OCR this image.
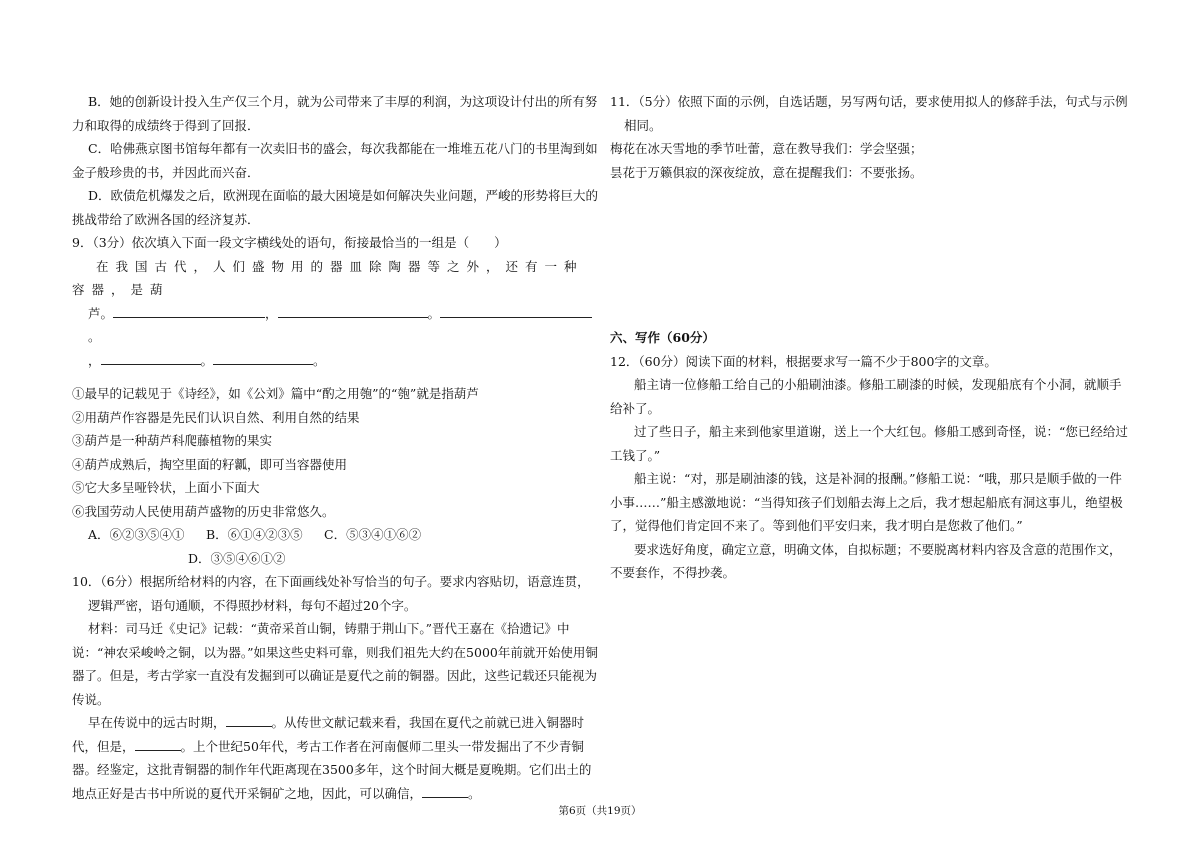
B．她的创新设计投入生产仅三个月，就为公司带来了丰厚的利润，为这项设计付出的所有努力和取得的成绩终于得到了回报．

C．哈佛燕京图书馆每年都有一次卖旧书的盛会，每次我都能在一堆堆五花八门的书里淘到如金子般珍贵的书，并因此而兴奋．

D．欧债危机爆发之后，欧洲现在面临的最大困境是如何解决失业问题，严峻的形势将巨大的挑战带给了欧洲各国的经济复苏．

9．（3分）依次填入下面一段文字横线处的语句，衔接最恰当的一组是（　　）

在我国古代，人们盛物用的器皿除陶器等之外，还有一种容器，是葫

芦。	，	。。

，	。	。

①最早的记载见于《诗经》，如《公刘》篇中“酌之用匏”的“匏”就是指葫芦

②用葫芦作容器是先民们认识自然、利用自然的结果

③葫芦是一种葫芦科爬藤植物的果实

④葫芦成熟后，掏空里面的籽瓤，即可当容器使用

⑤它大多呈哑铃状，上面小下面大

⑥我国劳动人民使用葫芦盛物的历史非常悠久。

A．⑥②③⑤④① B．⑥①④②③⑤ C．⑤③④①⑥②

D．③⑤④⑥①②

10．（6分）根据所给材料的内容，在下面画线处补写恰当的句子。要求内容贴切，语意连贯，逻辑严密，语句通顺，不得照抄材料，每句不超过20个字。

材料：司马迁《史记》记载：“黄帝采首山铜，铸鼎于荆山下。”晋代王嘉在《拾遗记》中说：“神农采峻岭之铜，以为器。”如果这些史料可靠，则我们祖先大约在5000年前就开始使用铜器了。但是，考古学家一直没有发掘到可以确证是夏代之前的铜器。因此，这些记载还只能视为传说。

早在传说中的远古时期，	。从传世文献记载来看，我国在夏代之前就已进入铜器时代，但是，	。上个世纪50年代，考古工作者在河南偃师二里头一带发掘出了不少青铜器。经鉴定，这批青铜器的制作年代距离现在3500多年，这个时间大概是夏晚期。它们出土的地点正好是古书中所说的夏代开采铜矿之地，因此，可以确信，	。

11．（5分）依照下面的示例，自选话题，另写两句话，要求使用拟人的修辞手法，句式与示例相同。

梅花在冰天雪地的季节吐蕾，意在教导我们：学会坚强；

昙花于万籁俱寂的深夜绽放，意在提醒我们：不要张扬。

六、写作（60分）

12．（60分）阅读下面的材料，根据要求写一篇不少于800字的文章。

船主请一位修船工给自己的小船刷油漆。修船工刷漆的时候，发现船底有个小洞，就顺手给补了。

过了些日子，船主来到他家里道谢，送上一个大红包。修船工感到奇怪，说：“您已经给过工钱了。”

船主说：“对，那是刷油漆的钱，这是补洞的报酬。”修船工说：“哦，那只是顺手做的一件小事……”船主感激地说：“当得知孩子们划船去海上之后，我才想起船底有洞这事儿，绝望极了，觉得他们肯定回不来了。等到他们平安归来，我才明白是您救了他们。”

要求选好角度，确定立意，明确文体，自拟标题；不要脱离材料内容及含意的范围作文，不要套作，不得抄袭。

第6页（共19页）
